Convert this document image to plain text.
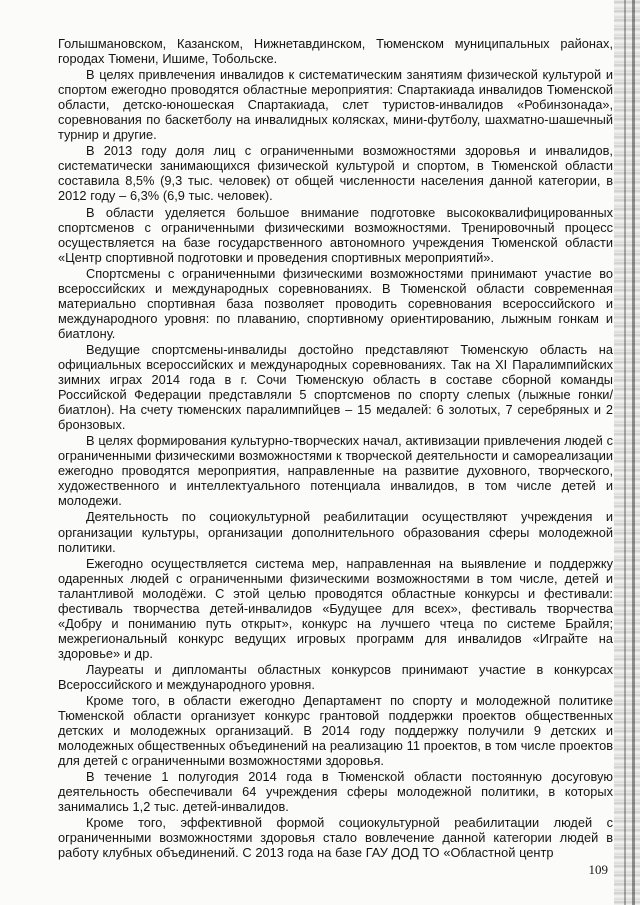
Голышмановском, Казанском, Нижнетавдинском, Тюменском муниципальных районах, городах Тюмени, Ишиме, Тобольске.

В целях привлечения инвалидов к систематическим занятиям физической культурой и спортом ежегодно проводятся областные мероприятия: Спартакиада инвалидов Тюменской области, детско-юношеская Спартакиада, слет туристов-инвалидов «Робинзонада», соревнования по баскетболу на инвалидных колясках, мини-футболу, шахматно-шашечный турнир и другие.

В 2013 году доля лиц с ограниченными возможностями здоровья и инвалидов, систематически занимающихся физической культурой и спортом, в Тюменской области составила 8,5% (9,3 тыс. человек) от общей численности населения данной категории, в 2012 году – 6,3% (6,9 тыс. человек).

В области уделяется большое внимание подготовке высококвалифицированных спортсменов с ограниченными физическими возможностями. Тренировочный процесс осуществляется на базе государственного автономного учреждения Тюменской области «Центр спортивной подготовки и проведения спортивных мероприятий».

Спортсмены с ограниченными физическими возможностями принимают участие во всероссийских и международных соревнованиях. В Тюменской области современная материально спортивная база позволяет проводить соревнования всероссийского и международного уровня: по плаванию, спортивному ориентированию, лыжным гонкам и биатлону.

Ведущие спортсмены-инвалиды достойно представляют Тюменскую область на официальных всероссийских и международных соревнованиях. Так на XI Паралимпийских зимних играх 2014 года в г. Сочи Тюменскую область в составе сборной команды Российской Федерации представляли 5 спортсменов по спорту слепых (лыжные гонки/биатлон). На счету тюменских паралимпийцев – 15 медалей: 6 золотых, 7 серебряных и 2 бронзовых.

В целях формирования культурно-творческих начал, активизации привлечения людей с ограниченными физическими возможностями к творческой деятельности и самореализации ежегодно проводятся мероприятия, направленные на развитие духовного, творческого, художественного и интеллектуального потенциала инвалидов, в том числе детей и молодежи.

Деятельность по социокультурной реабилитации осуществляют учреждения и организации культуры, организации дополнительного образования сферы молодежной политики.

Ежегодно осуществляется система мер, направленная на выявление и поддержку одаренных людей с ограниченными физическими возможностями в том числе, детей и талантливой молодёжи. С этой целью проводятся областные конкурсы и фестивали: фестиваль творчества детей-инвалидов «Будущее для всех», фестиваль творчества «Добру и пониманию путь открыт», конкурс на лучшего чтеца по системе Брайля; межрегиональный конкурс ведущих игровых программ для инвалидов «Играйте на здоровье» и др.

Лауреаты и дипломанты областных конкурсов принимают участие в конкурсах Всероссийского и международного уровня.

Кроме того, в области ежегодно Департамент по спорту и молодежной политике Тюменской области организует конкурс грантовой поддержки проектов общественных детских и молодежных организаций. В 2014 году поддержку получили 9 детских и молодежных общественных объединений на реализацию 11 проектов, в том числе проектов для детей с ограниченными возможностями здоровья.

В течение 1 полугодия 2014 года в Тюменской области постоянную досуговую деятельность обеспечивали 64 учреждения сферы молодежной политики, в которых занимались 1,2 тыс. детей-инвалидов.

Кроме того, эффективной формой социокультурной реабилитации людей с ограниченными возможностями здоровья стало вовлечение данной категории людей в работу клубных объединений. С 2013 года на базе ГАУ ДОД ТО «Областной центр

109
